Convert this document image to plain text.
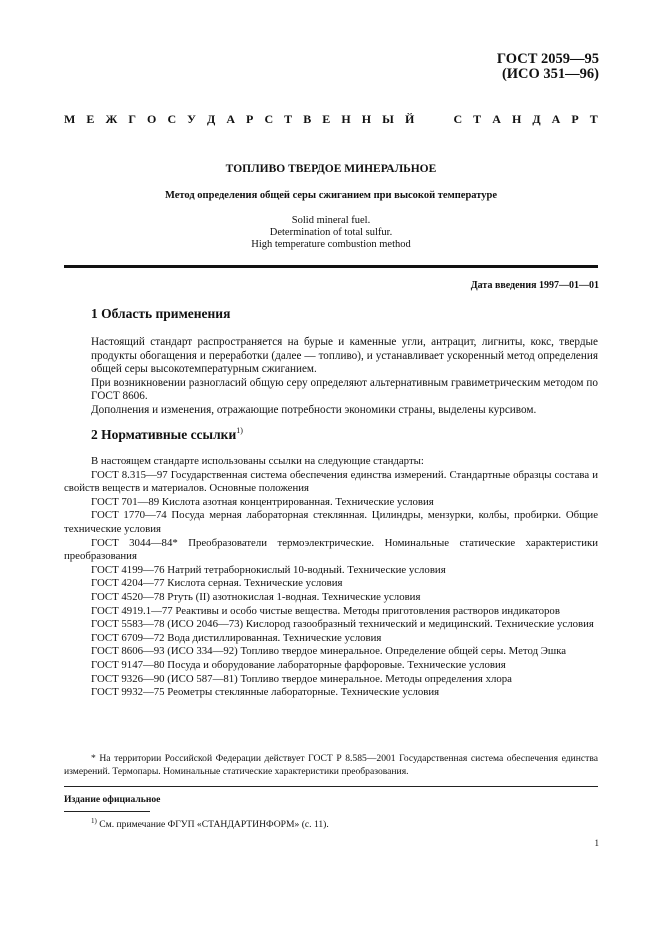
ГОСТ 2059—95
(ИСО 351—96)
М Е Ж Г О С У Д А Р С Т В Е Н Н Ы Й

	С Т А Н Д А Р Т
ТОПЛИВО ТВЕРДОЕ МИНЕРАЛЬНОЕ
Метод определения общей серы сжиганием при высокой температуре
Solid mineral fuel.
Determination of total sulfur.
High temperature combustion method
Дата введения 1997—01—01
1 Область применения
Настоящий стандарт распространяется на бурые и каменные угли, антрацит, лигниты, кокс, твердые продукты обогащения и переработки (далее — топливо), и устанавливает ускоренный метод определения общей серы высокотемпературным сжиганием.
При возникновении разногласий общую серу определяют альтернативным гравиметрическим методом по ГОСТ 8606.
Дополнения и изменения, отражающие потребности экономики страны, выделены курсивом.
2 Нормативные ссылки$^{1)}$
В настоящем стандарте использованы ссылки на следующие стандарты:
ГОСТ 8.315—97 Государственная система обеспечения единства измерений. Стандартные образцы состава и свойств веществ и материалов. Основные положения
ГОСТ 701—89 Кислота азотная концентрированная. Технические условия
ГОСТ 1770—74 Посуда мерная лабораторная стеклянная. Цилиндры, мензурки, колбы, пробирки. Общие технические условия
ГОСТ 3044—84* Преобразователи термоэлектрические. Номинальные статические характеристики преобразования
ГОСТ 4199—76 Натрий тетраборнокислый 10-водный. Технические условия
ГОСТ 4204—77 Кислота серная. Технические условия
ГОСТ 4520—78 Ртуть (II) азотнокислая 1-водная. Технические условия
ГОСТ 4919.1—77 Реактивы и особо чистые вещества. Методы приготовления растворов индикаторов
ГОСТ 5583—78 (ИСО 2046—73) Кислород газообразный технический и медицинский. Технические условия
ГОСТ 6709—72 Вода дистиллированная. Технические условия
ГОСТ 8606—93 (ИСО 334—92) Топливо твердое минеральное. Определение общей серы. Метод Эшка
ГОСТ 9147—80 Посуда и оборудование лабораторные фарфоровые. Технические условия
ГОСТ 9326—90 (ИСО 587—81) Топливо твердое минеральное. Методы определения хлора
ГОСТ 9932—75 Реометры стеклянные лабораторные. Технические условия
* На территории Российской Федерации действует ГОСТ Р 8.585—2001 Государственная система обеспечения единства измерений. Термопары. Номинальные статические характеристики преобразования.
Издание официальное
$^{1)}$ См. примечание ФГУП «СТАНДАРТИНФОРМ» (с. 11).
1
